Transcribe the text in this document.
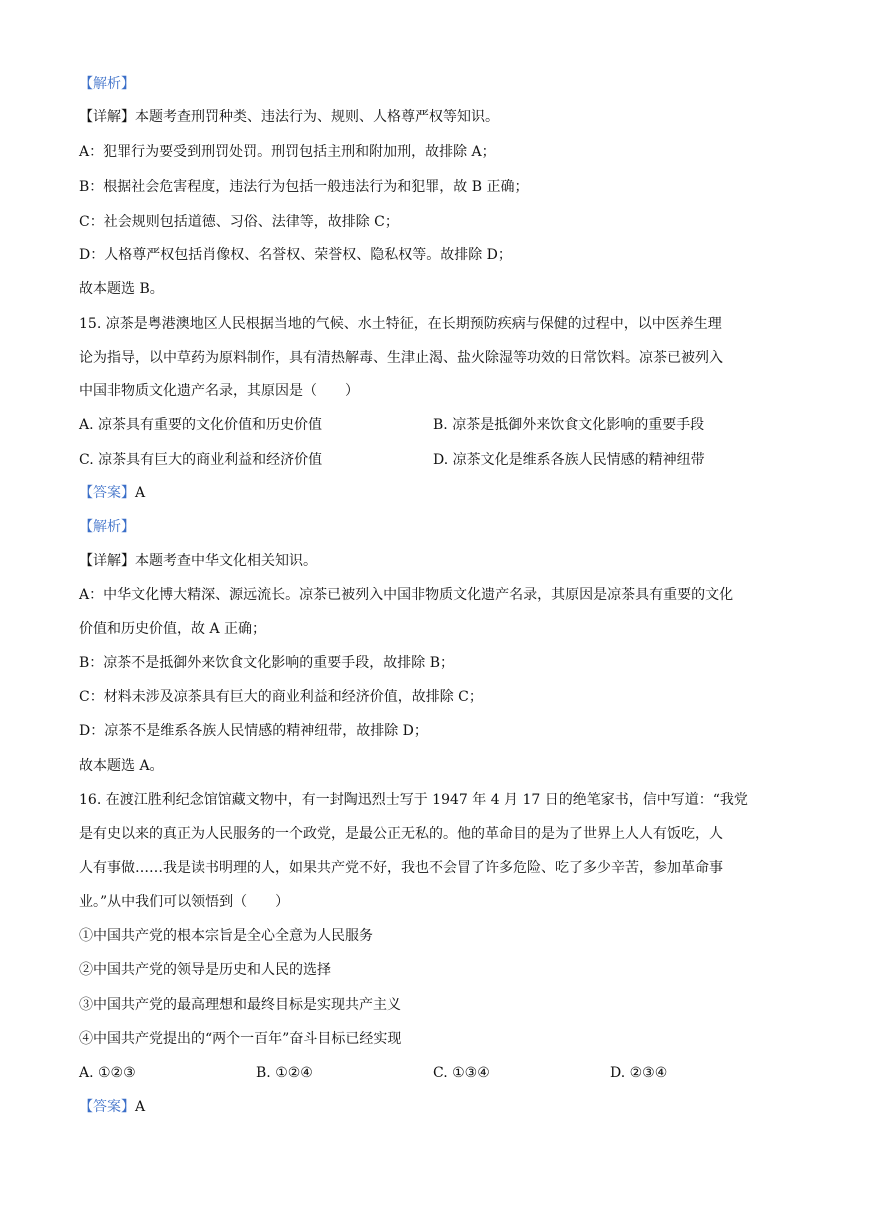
【解析】
【详解】本题考查刑罚种类、违法行为、规则、人格尊严权等知识。
A：犯罪行为要受到刑罚处罚。刑罚包括主刑和附加刑，故排除 A；
B：根据社会危害程度，违法行为包括一般违法行为和犯罪，故 B 正确；
C：社会规则包括道德、习俗、法律等，故排除 C；
D：人格尊严权包括肖像权、名誉权、荣誉权、隐私权等。故排除 D；
故本题选 B。
15. 凉茶是粤港澳地区人民根据当地的气候、水土特征，在长期预防疾病与保健的过程中，以中医养生理
论为指导，以中草药为原料制作，具有清热解毒、生津止渴、盐火除湿等功效的日常饮料。凉茶已被列入
中国非物质文化遗产名录，其原因是（　　）
A. 凉茶具有重要的文化价值和历史价值	B. 凉茶是抵御外来饮食文化影响的重要手段
C. 凉茶具有巨大的商业利益和经济价值	D. 凉茶文化是维系各族人民情感的精神纽带
【答案】A
【解析】
【详解】本题考查中华文化相关知识。
A：中华文化博大精深、源远流长。凉茶已被列入中国非物质文化遗产名录，其原因是凉茶具有重要的文化
价值和历史价值，故 A 正确；
B：凉茶不是抵御外来饮食文化影响的重要手段，故排除 B；
C：材料未涉及凉茶具有巨大的商业利益和经济价值，故排除 C；
D：凉茶不是维系各族人民情感的精神纽带，故排除 D；
故本题选 A。
16. 在渡江胜利纪念馆馆藏文物中，有一封陶迅烈士写于 1947 年 4 月 17 日的绝笔家书，信中写道：“我党
是有史以来的真正为人民服务的一个政党，是最公正无私的。他的革命目的是为了世界上人人有饭吃，人
人有事做……我是读书明理的人，如果共产党不好，我也不会冒了许多危险、吃了多少辛苦，参加革命事
业。”从中我们可以领悟到（　　）
①中国共产党的根本宗旨是全心全意为人民服务
②中国共产党的领导是历史和人民的选择
③中国共产党的最高理想和最终目标是实现共产主义
④中国共产党提出的“两个一百年”奋斗目标已经实现
A. ①②③	B. ①②④	C. ①③④	D. ②③④
【答案】A
